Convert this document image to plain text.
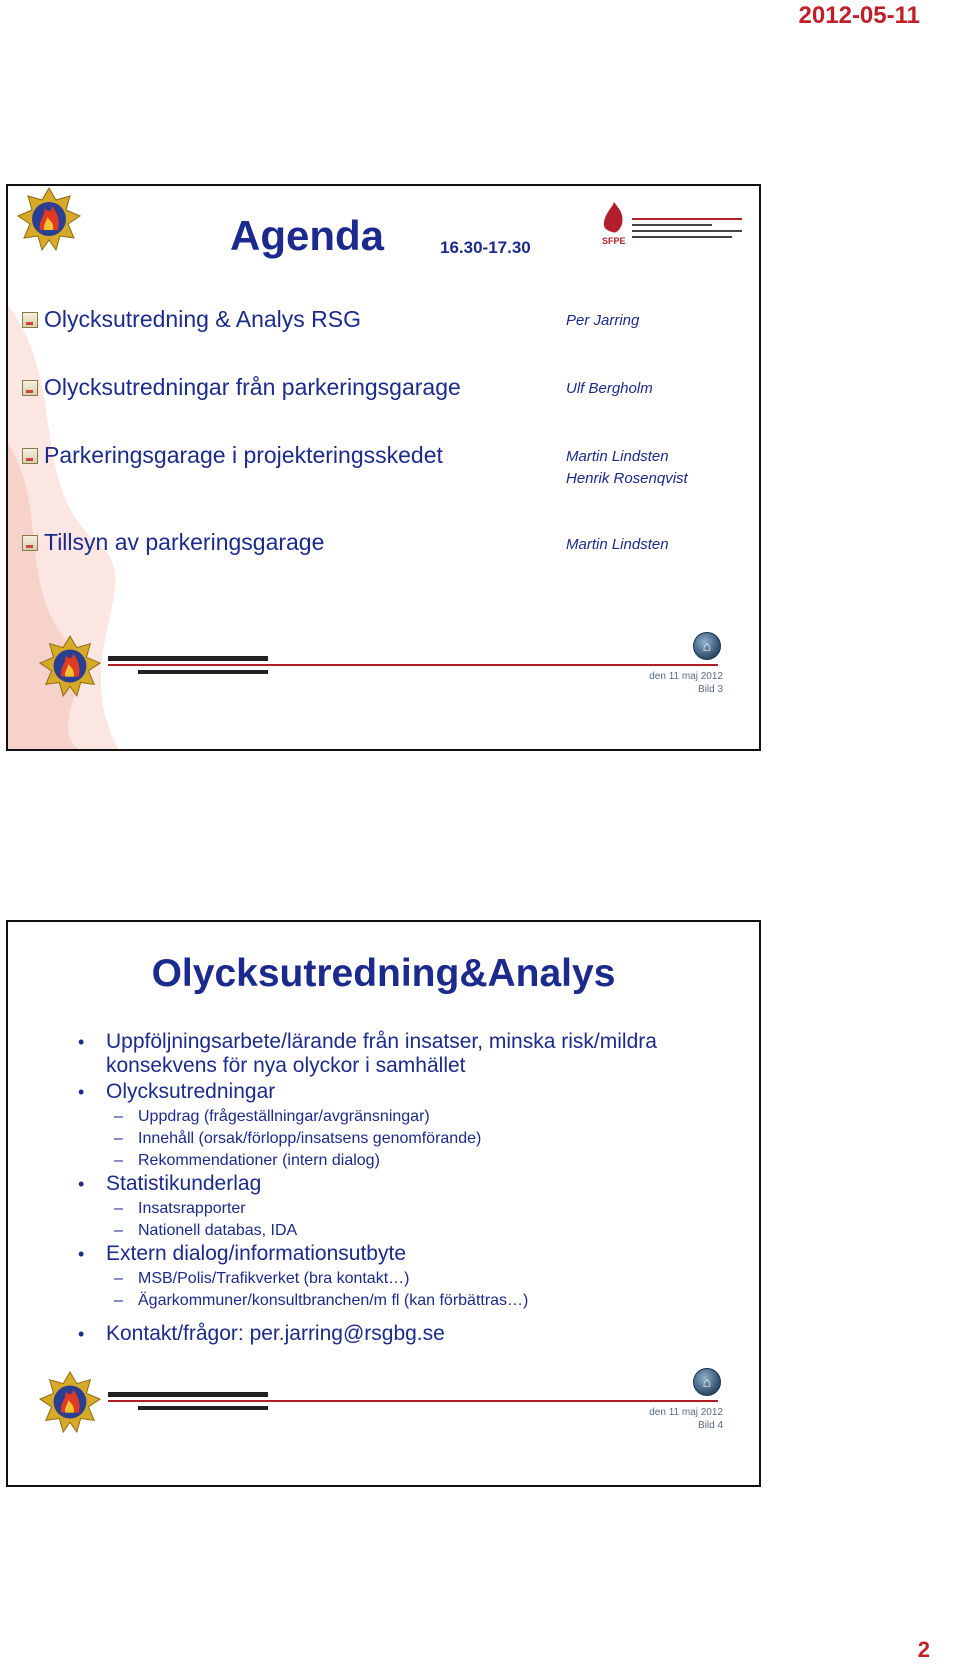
2012-05-11
Agenda	16.30-17.30	SFPE
Olycksutredning & Analys RSG	Per Jarring
Olycksutredningar från parkeringsgarage	Ulf Bergholm
Parkeringsgarage i projekteringsskedet	Martin Lindsten
Henrik Rosenqvist
Tillsyn av parkeringsgarage	Martin Lindsten
⌂
den 11 maj 2012
Bild 3
Olycksutredning&Analys
• Uppföljningsarbete/lärande från insatser, minska risk/mildra konsekvens för nya olyckor i samhället
• Olycksutredningar
– Uppdrag (frågeställningar/avgränsningar)
– Innehåll (orsak/förlopp/insatsens genomförande)
– Rekommendationer (intern dialog)
• Statistikunderlag
– Insatsrapporter
– Nationell databas, IDA
• Extern dialog/informationsutbyte
– MSB/Polis/Trafikverket (bra kontakt…)
– Ägarkommuner/konsultbranchen/m fl (kan förbättras…)
• Kontakt/frågor: per.jarring@rsgbg.se
⌂
den 11 maj 2012
Bild 4
2
